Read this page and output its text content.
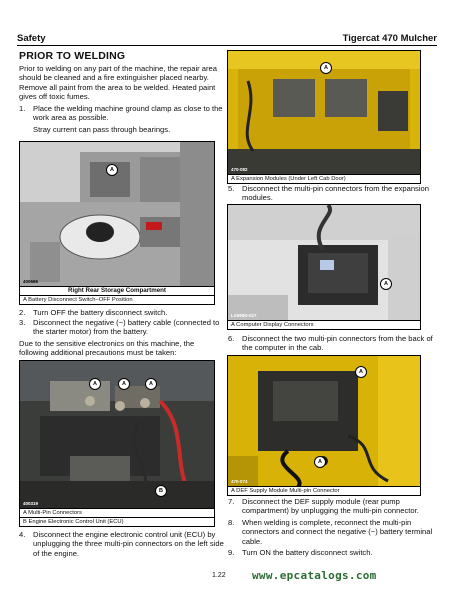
Safety	Tigercat 470 Mulcher
PRIOR TO WELDING
Prior to welding on any part of the machine, the repair area should be cleaned and a fire extinguisher placed nearby. Remove all paint from the area to be welded. Heated paint gives off toxic fumes.
1.	Place the welding machine ground clamp as close to the work area as possible.
Stray current can pass through bearings.
A
400665
Right Rear Storage Compartment
A Battery Disconnect Switch–OFF Position
2.	Turn OFF the battery disconnect switch.
3.	Disconnect the negative (−) battery cable (connected to the starter motor) from the battery.
Due to the sensitive electronics on this machine, the following additional precautions must be taken:
A	A	A
B
400319
A Multi-Pin Connectors
B Engine Electronic Control Unit (ECU)
4.	Disconnect the engine electronic control unit (ECU) by unplugging the three multi-pin connectors on the left side of the engine.
A
470-082
A Expansion Modules (Under Left Cab Door)
5.	Disconnect the multi-pin connectors from the expansion modules.
A
LX590D-027
A Computer Display Connectors
6.	Disconnect the two multi-pin connectors from the back of the computer in the cab.
A
A
470-074
A DEF Supply Module Multi-pin Connector
7.	Disconnect the DEF supply module (rear pump compartment) by unplugging the multi-pin connector.
8.	When welding is complete, reconnect the multi-pin connectors and connect the negative (−) battery terminal cable.
9.	Turn ON the battery disconnect switch.
1.22 www.epcatalogs.com
